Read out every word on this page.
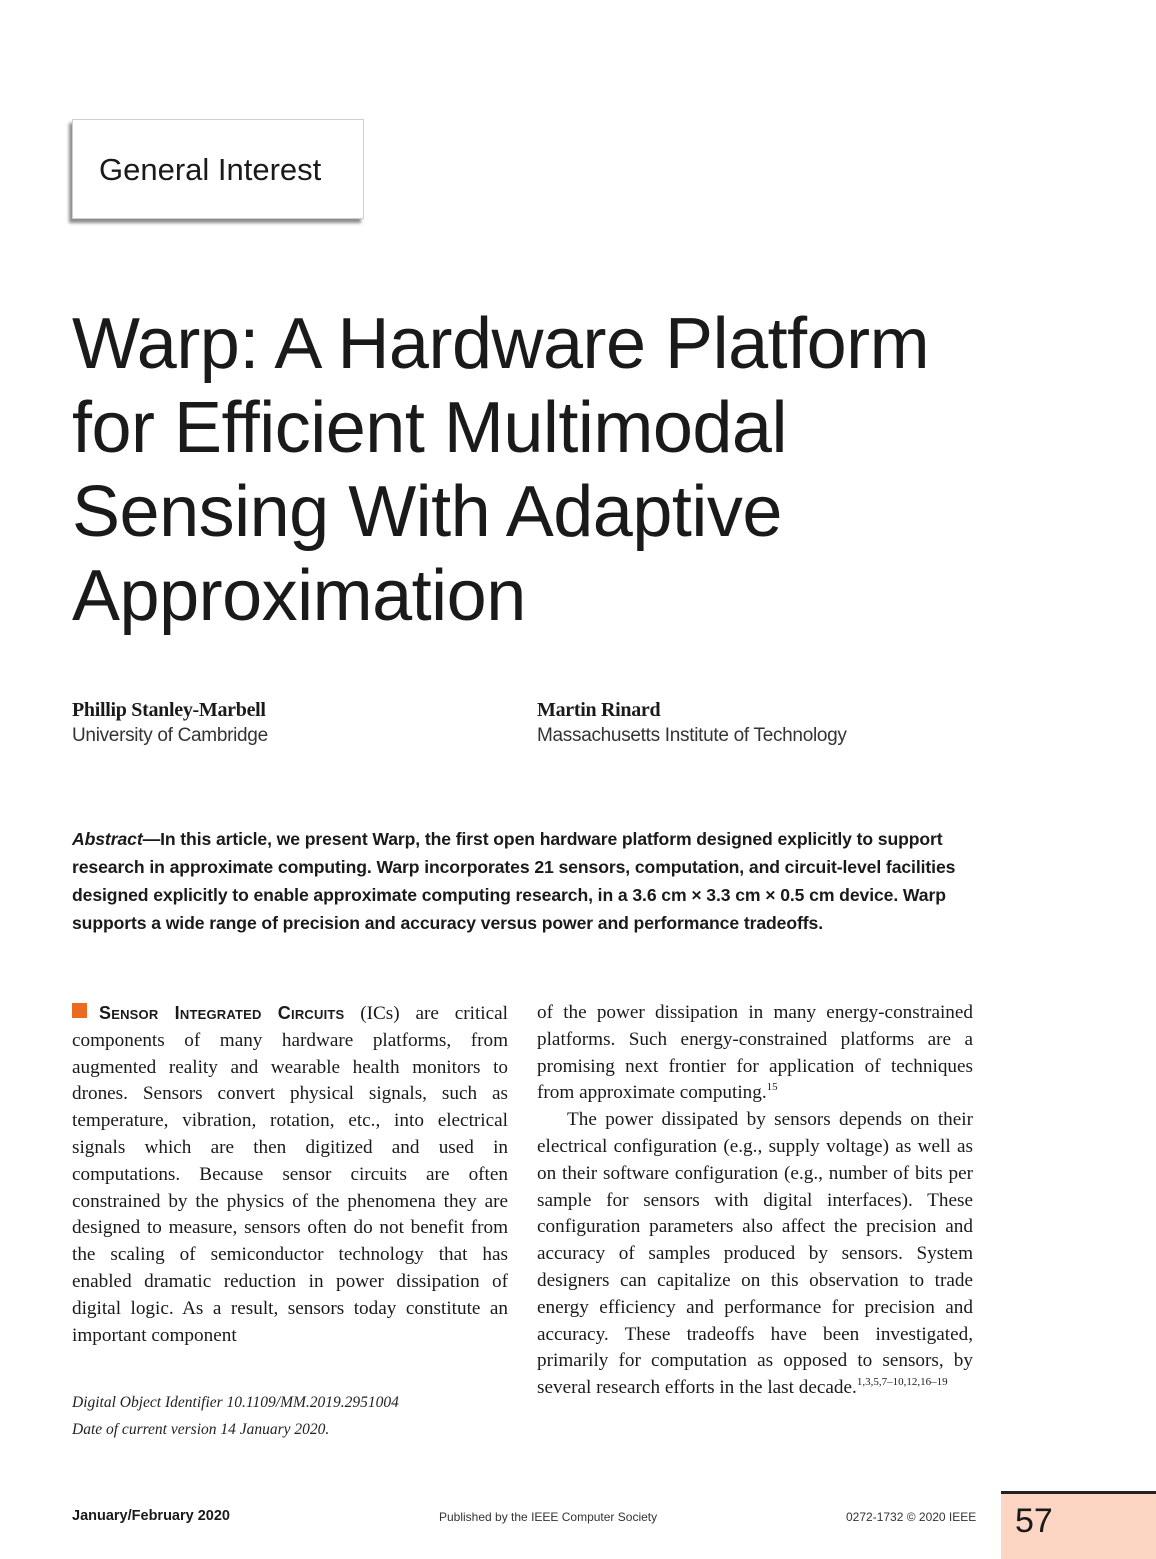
General Interest
Warp: A Hardware Platform for Efficient Multimodal Sensing With Adaptive Approximation
Phillip Stanley-Marbell
University of Cambridge
Martin Rinard
Massachusetts Institute of Technology

Abstract—In this article, we present Warp, the first open hardware platform designed explicitly to support research in approximate computing. Warp incorporates 21 sensors, computation, and circuit-level facilities designed explicitly to enable approximate computing research, in a 3.6 cm × 3.3 cm × 0.5 cm device. Warp supports a wide range of precision and accuracy versus power and performance tradeoffs.

Sensor Integrated Circuits (ICs) are critical components of many hardware platforms, from augmented reality and wearable health monitors to drones. Sensors convert physical signals, such as temperature, vibration, rotation, etc., into electrical signals which are then digitized and used in computations. Because sensor circuits are often constrained by the physics of the phenomena they are designed to measure, sensors often do not benefit from the scaling of semiconductor technology that has enabled dramatic reduction in power dissipation of digital logic. As a result, sensors today constitute an important component

of the power dissipation in many energy-constrained platforms. Such energy-constrained platforms are a promising next frontier for application of techniques from approximate computing.$^{15}$

The power dissipated by sensors depends on their electrical configuration (e.g., supply voltage) as well as on their software configuration (e.g., number of bits per sample for sensors with digital interfaces). These configuration parameters also affect the precision and accuracy of samples produced by sensors. System designers can capitalize on this observation to trade energy efficiency and performance for precision and accuracy. These tradeoffs have been investigated, primarily for computation as opposed to sensors, by several research efforts in the last decade.$^{1,3,5,7-10,12,16-19}$

Digital Object Identifier 10.1109/MM.2019.2951004
Date of current version 14 January 2020.
January/February 2020	Published by the IEEE Computer Society	0272-1732 © 2020 IEEE 57
